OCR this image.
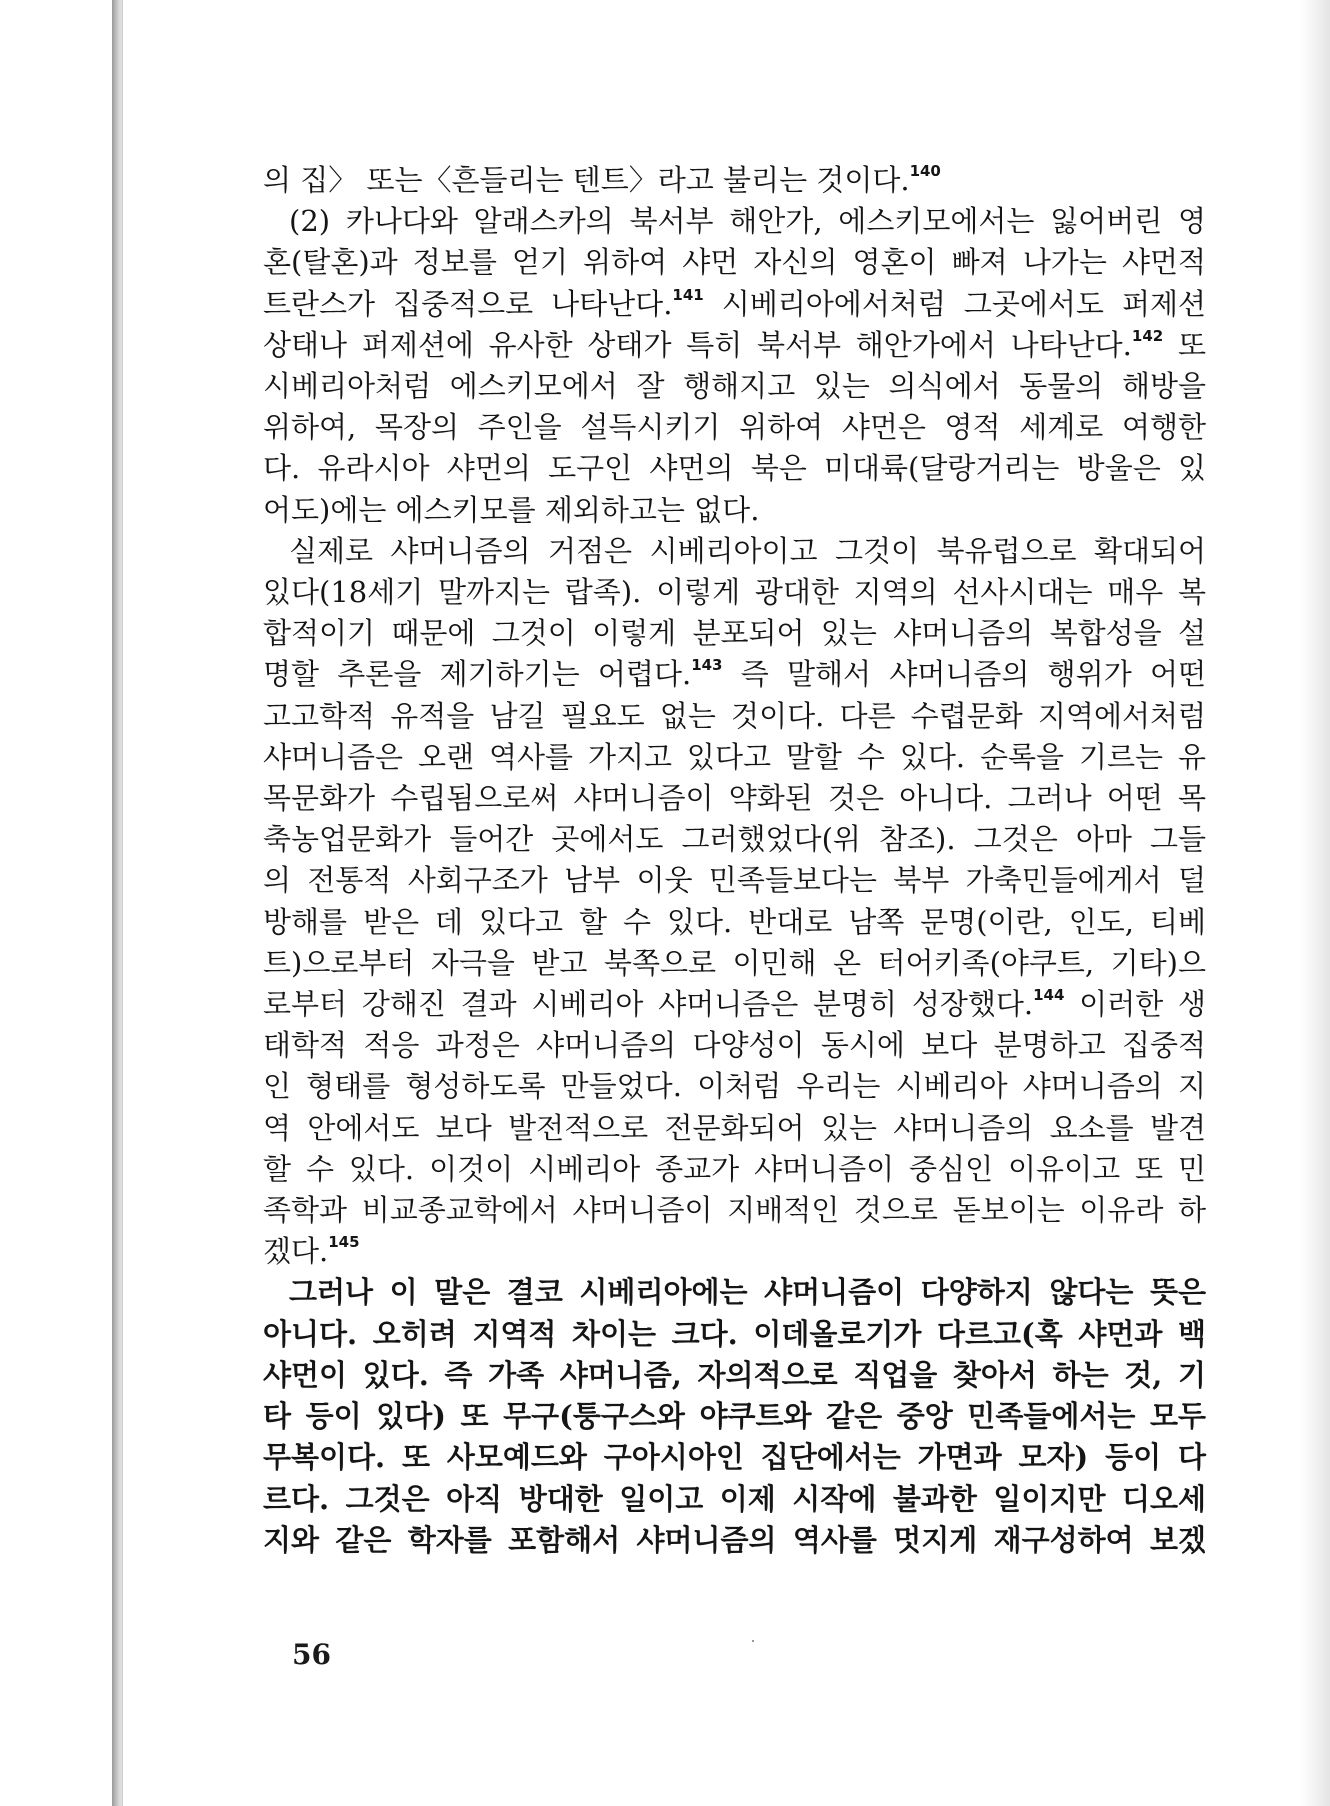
의 집〉 또는〈흔들리는 텐트〉라고 불리는 것이다.$^{140}$

(2) 카나다와 알래스카의 북서부 해안가, 에스키모에서는 잃어버린 영
혼(탈혼)과 정보를 얻기 위하여 샤먼 자신의 영혼이 빠져 나가는 샤먼적
트란스가 집중적으로 나타난다.$^{141}$ 시베리아에서처럼 그곳에서도 퍼제션
상태나 퍼제션에 유사한 상태가 특히 북서부 해안가에서 나타난다.$^{142}$ 또
시베리아처럼 에스키모에서 잘 행해지고 있는 의식에서 동물의 해방을
위하여, 목장의 주인을 설득시키기 위하여 샤먼은 영적 세계로 여행한
다. 유라시아 샤먼의 도구인 샤먼의 북은 미대륙(달랑거리는 방울은 있
어도)에는 에스키모를 제외하고는 없다.

실제로 샤머니즘의 거점은 시베리아이고 그것이 북유럽으로 확대되어
있다(18세기 말까지는 랍족). 이렇게 광대한 지역의 선사시대는 매우 복
합적이기 때문에 그것이 이렇게 분포되어 있는 샤머니즘의 복합성을 설
명할 추론을 제기하기는 어렵다.$^{143}$ 즉 말해서 샤머니즘의 행위가 어떤
고고학적 유적을 남길 필요도 없는 것이다. 다른 수렵문화 지역에서처럼
샤머니즘은 오랜 역사를 가지고 있다고 말할 수 있다. 순록을 기르는 유
목문화가 수립됨으로써 샤머니즘이 약화된 것은 아니다. 그러나 어떤 목
축농업문화가 들어간 곳에서도 그러했었다(위 참조). 그것은 아마 그들
의 전통적 사회구조가 남부 이웃 민족들보다는 북부 가축민들에게서 덜
방해를 받은 데 있다고 할 수 있다. 반대로 남쪽 문명(이란, 인도, 티베
트)으로부터 자극을 받고 북쪽으로 이민해 온 터어키족(야쿠트, 기타)으
로부터 강해진 결과 시베리아 샤머니즘은 분명히 성장했다.$^{144}$ 이러한 생
태학적 적응 과정은 샤머니즘의 다양성이 동시에 보다 분명하고 집중적
인 형태를 형성하도록 만들었다. 이처럼 우리는 시베리아 샤머니즘의 지
역 안에서도 보다 발전적으로 전문화되어 있는 샤머니즘의 요소를 발견
할 수 있다. 이것이 시베리아 종교가 샤머니즘이 중심인 이유이고 또 민
족학과 비교종교학에서 샤머니즘이 지배적인 것으로 돋보이는 이유라 하
겠다.$^{145}$

그러나 이 말은 결코 시베리아에는 샤머니즘이 다양하지 않다는 뜻은
아니다. 오히려 지역적 차이는 크다. 이데올로기가 다르고(혹 샤먼과 백
샤먼이 있다. 즉 가족 샤머니즘, 자의적으로 직업을 찾아서 하는 것, 기
타 등이 있다) 또 무구(퉁구스와 야쿠트와 같은 중앙 민족들에서는 모두
무복이다. 또 사모예드와 구아시아인 집단에서는 가면과 모자) 등이 다
르다. 그것은 아직 방대한 일이고 이제 시작에 불과한 일이지만 디오세
지와 같은 학자를 포함해서 샤머니즘의 역사를 멋지게 재구성하여 보겠

56
